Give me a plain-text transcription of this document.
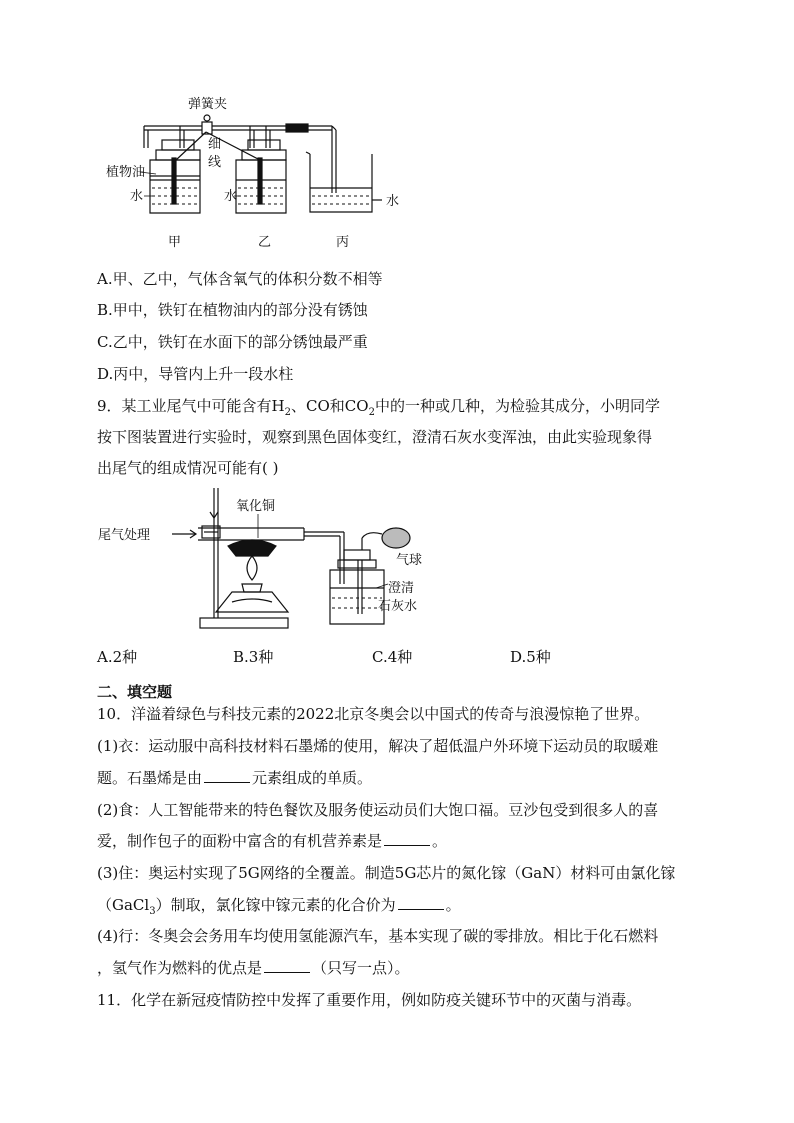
弹簧夹
细
线
植物油
水	水	水
甲	乙	丙
A.甲、乙中，气体含氧气的体积分数不相等
B.甲中，铁钉在植物油内的部分没有锈蚀
C.乙中，铁钉在水面下的部分锈蚀最严重
D.丙中，导管内上升一段水柱
9．某工业尾气中可能含有$H_2$、CO和$CO_2$中的一种或几种，为检验其成分，小明同学
按下图装置进行实验时，观察到黑色固体变红，澄清石灰水变浑浊，由此实验现象得
出尾气的组成情况可能有( )
氧化铜
尾气处理
气球
澄清
石灰水
A.2种	B.3种	C.4种	D.5种
二、填空题
10．洋溢着绿色与科技元素的2022北京冬奥会以中国式的传奇与浪漫惊艳了世界。
(1)衣：运动服中高科技材料石墨烯的使用，解决了超低温户外环境下运动员的取暖难
题。石墨烯是由	元素组成的单质。
(2)食：人工智能带来的特色餐饮及服务使运动员们大饱口福。豆沙包受到很多人的喜
爱，制作包子的面粉中富含的有机营养素是	。
(3)住：奥运村实现了5G网络的全覆盖。制造5G芯片的氮化镓（GaN）材料可由氯化镓
（GaCl$_3$）制取，氯化镓中镓元素的化合价为	。
(4)行：冬奥会会务用车均使用氢能源汽车，基本实现了碳的零排放。相比于化石燃料
，氢气作为燃料的优点是	（只写一点）。
11．化学在新冠疫情防控中发挥了重要作用，例如防疫关键环节中的灭菌与消毒。
